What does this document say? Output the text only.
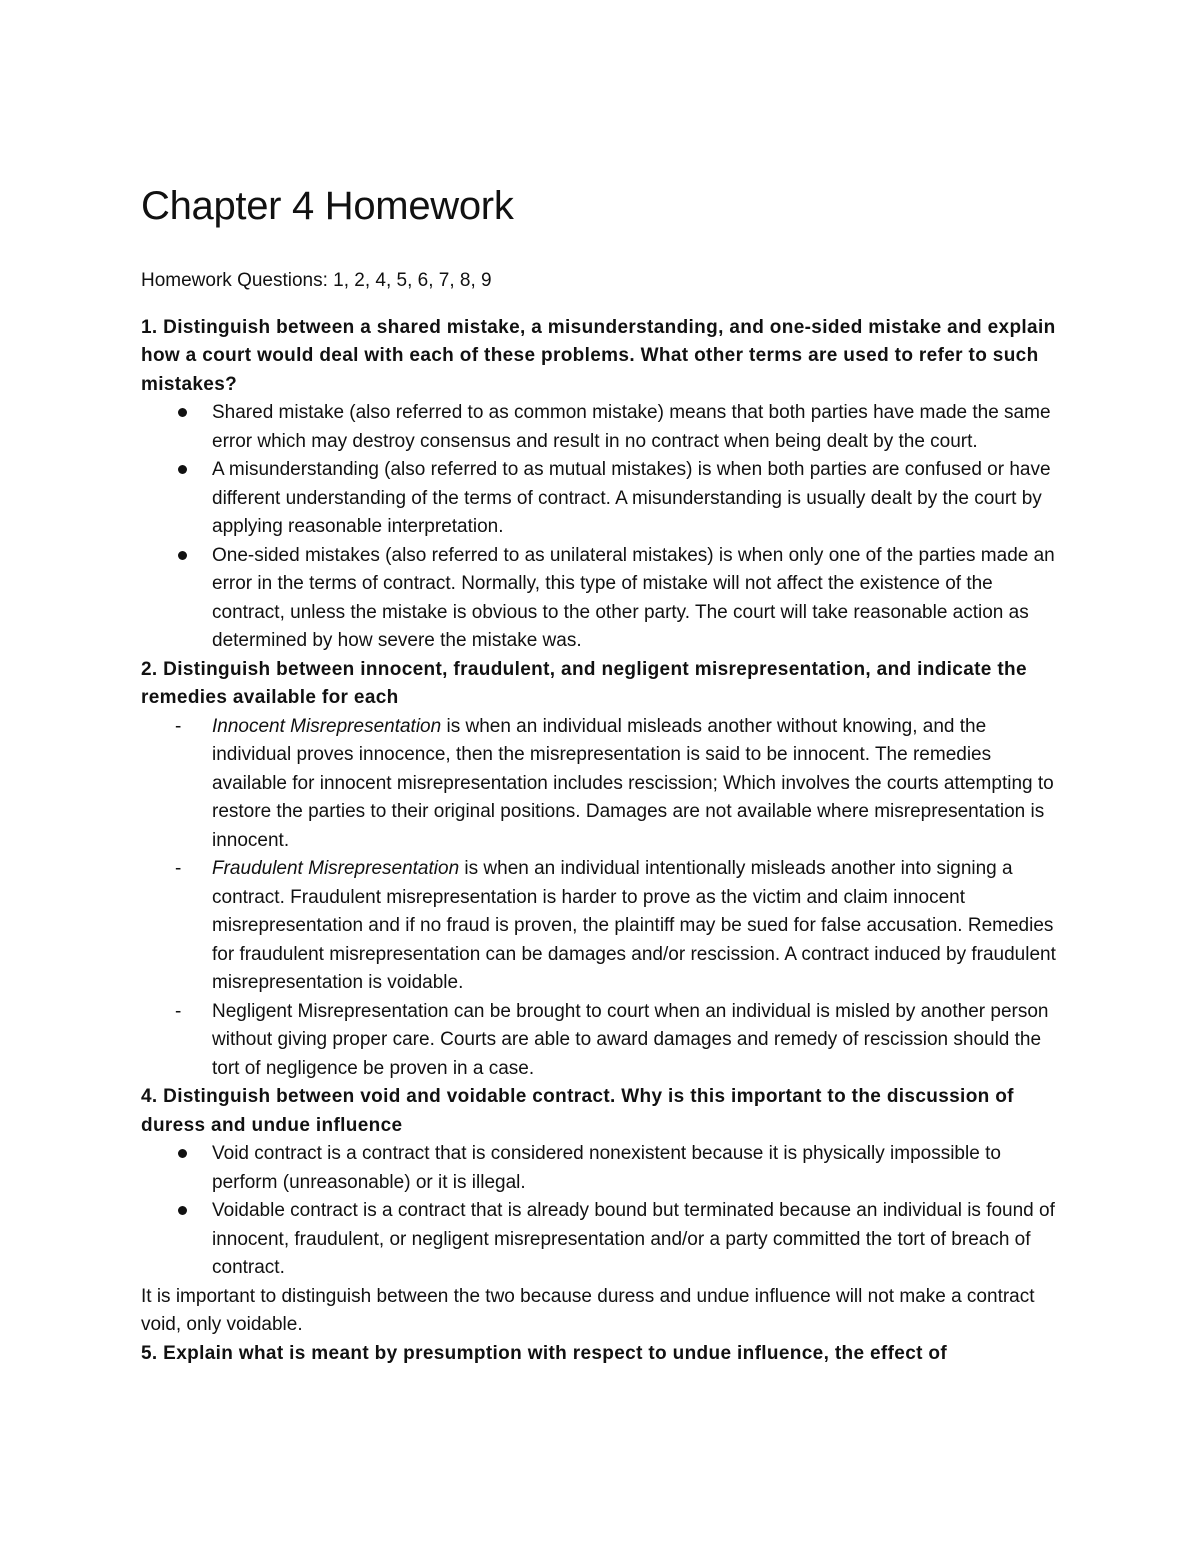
Chapter 4 Homework

Homework Questions: 1, 2, 4, 5, 6, 7, 8, 9

1. Distinguish between a shared mistake, a misunderstanding, and one-sided mistake and explain how a court would deal with each of these problems. What other terms are used to refer to such mistakes?

Shared mistake (also referred to as common mistake) means that both parties have made the same error which may destroy consensus and result in no contract when being dealt by the court.
A misunderstanding (also referred to as mutual mistakes) is when both parties are confused or have different understanding of the terms of contract. A misunderstanding is usually dealt by the court by applying reasonable interpretation.
One-sided mistakes (also referred to as unilateral mistakes) is when only one of the parties made an error in the terms of contract. Normally, this type of mistake will not affect the existence of the contract, unless the mistake is obvious to the other party. The court will take reasonable action as determined by how severe the mistake was.

2. Distinguish between innocent, fraudulent, and negligent misrepresentation, and indicate the remedies available for each

- Innocent Misrepresentation is when an individual misleads another without knowing, and the individual proves innocence, then the misrepresentation is said to be innocent. The remedies available for innocent misrepresentation includes rescission; Which involves the courts attempting to restore the parties to their original positions. Damages are not available where misrepresentation is innocent.
- Fraudulent Misrepresentation is when an individual intentionally misleads another into signing a contract. Fraudulent misrepresentation is harder to prove as the victim and claim innocent misrepresentation and if no fraud is proven, the plaintiff may be sued for false accusation. Remedies for fraudulent misrepresentation can be damages and/or rescission. A contract induced by fraudulent misrepresentation is voidable.
- Negligent Misrepresentation can be brought to court when an individual is misled by another person without giving proper care. Courts are able to award damages and remedy of rescission should the tort of negligence be proven in a case.

4. Distinguish between void and voidable contract. Why is this important to the discussion of duress and undue influence

Void contract is a contract that is considered nonexistent because it is physically impossible to perform (unreasonable) or it is illegal.
Voidable contract is a contract that is already bound but terminated because an individual is found of innocent, fraudulent, or negligent misrepresentation and/or a party committed the tort of breach of contract.

It is important to distinguish between the two because duress and undue influence will not make a contract void, only voidable.

5. Explain what is meant by presumption with respect to undue influence, the effect of
